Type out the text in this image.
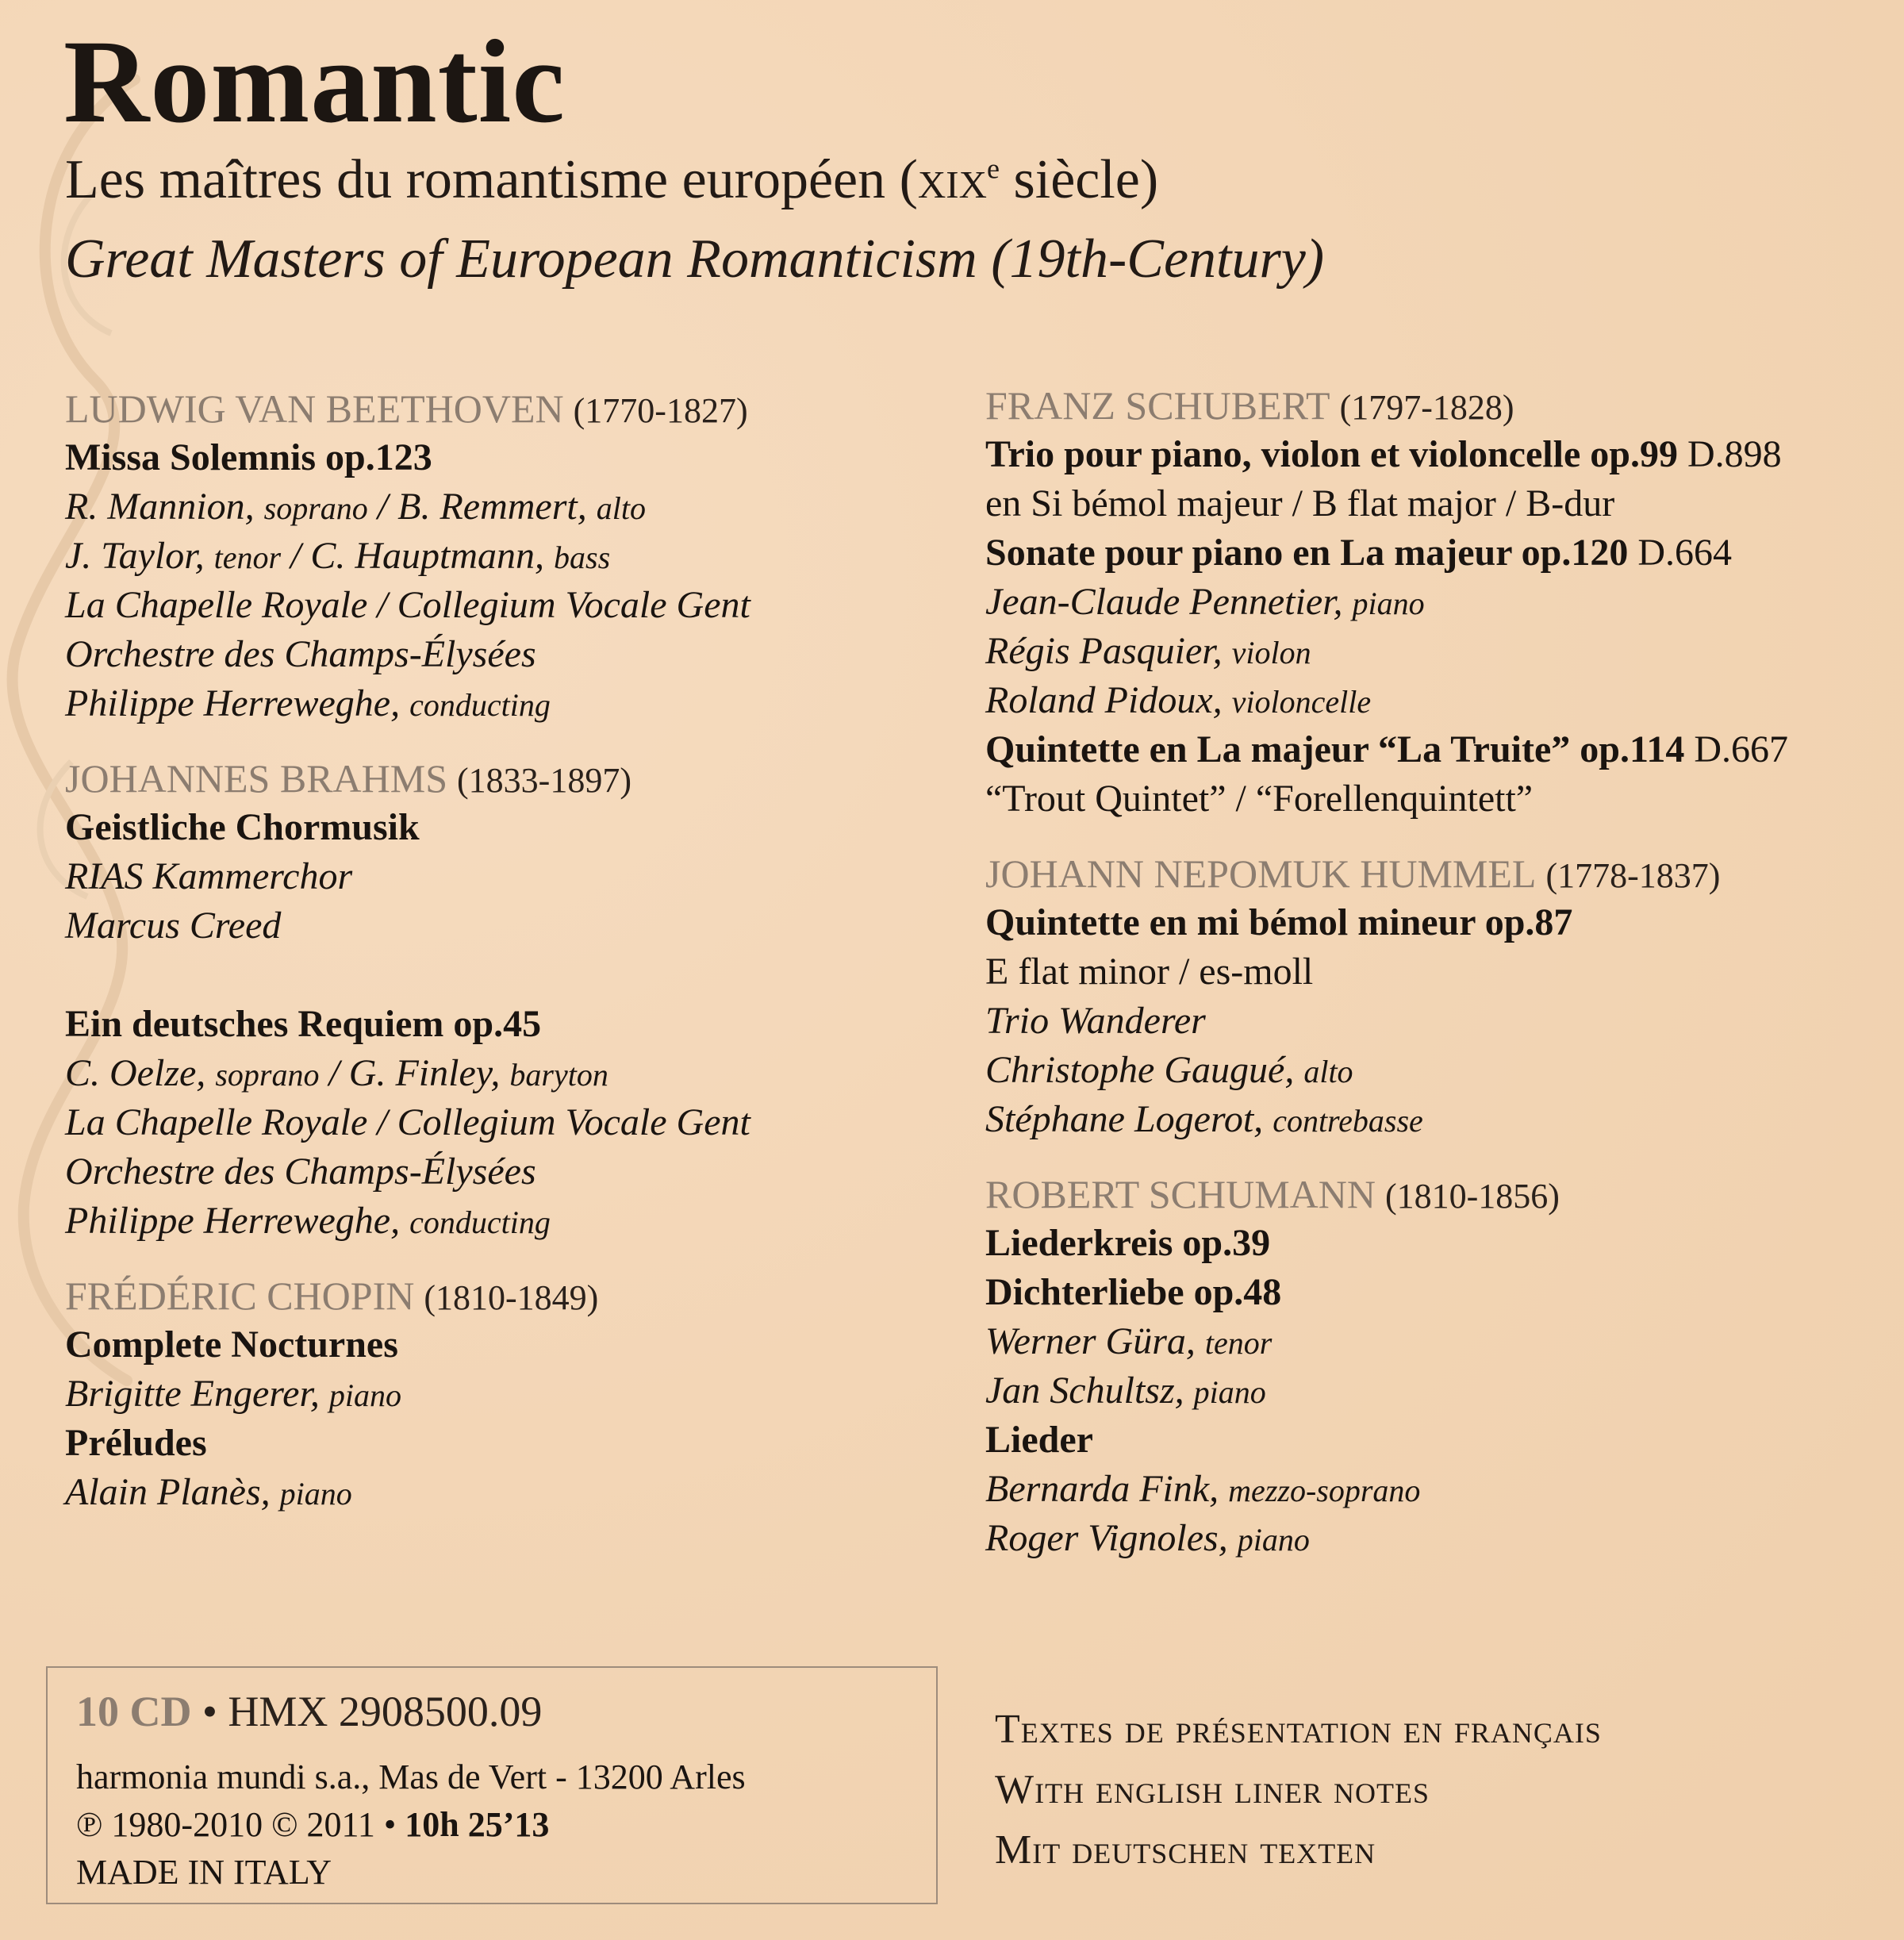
Romantic
Les maîtres du romantisme européen (xix$^e$ siècle)
Great Masters of European Romanticism (19th-Century)
LUDWIG VAN BEETHOVEN (1770-1827)
Missa Solemnis op.123
R. Mannion, soprano / B. Remmert, alto
J. Taylor, tenor / C. Hauptmann, bass
La Chapelle Royale / Collegium Vocale Gent
Orchestre des Champs-Élysées
Philippe Herreweghe, conducting
JOHANNES BRAHMS (1833-1897)
Geistliche Chormusik
RIAS Kammerchor
Marcus Creed
Ein deutsches Requiem op.45
C. Oelze, soprano / G. Finley, baryton
La Chapelle Royale / Collegium Vocale Gent
Orchestre des Champs-Élysées
Philippe Herreweghe, conducting
FRÉDÉRIC CHOPIN (1810-1849)
Complete Nocturnes
Brigitte Engerer, piano
Préludes
Alain Planès, piano
FRANZ SCHUBERT (1797-1828)
Trio pour piano, violon et violoncelle op.99 D.898
en Si bémol majeur / B flat major / B-dur
Sonate pour piano en La majeur op.120 D.664
Jean-Claude Pennetier, piano
Régis Pasquier, violon
Roland Pidoux, violoncelle
Quintette en La majeur “La Truite” op.114 D.667
“Trout Quintet” / “Forellenquintett”
JOHANN NEPOMUK HUMMEL (1778-1837)
Quintette en mi bémol mineur op.87
E flat minor / es-moll
Trio Wanderer
Christophe Gaugué, alto
Stéphane Logerot, contrebasse
ROBERT SCHUMANN (1810-1856)
Liederkreis op.39
Dichterliebe op.48
Werner Güra, tenor
Jan Schultsz, piano
Lieder
Bernarda Fink, mezzo-soprano
Roger Vignoles, piano
10 CD • HMX 2908500.09
harmonia mundi s.a., Mas de Vert - 13200 Arles
℗ 1980-2010 © 2011 • 10h 25’13
MADE IN ITALY
Textes de présentation en français
With english liner notes
Mit deutschen texten
